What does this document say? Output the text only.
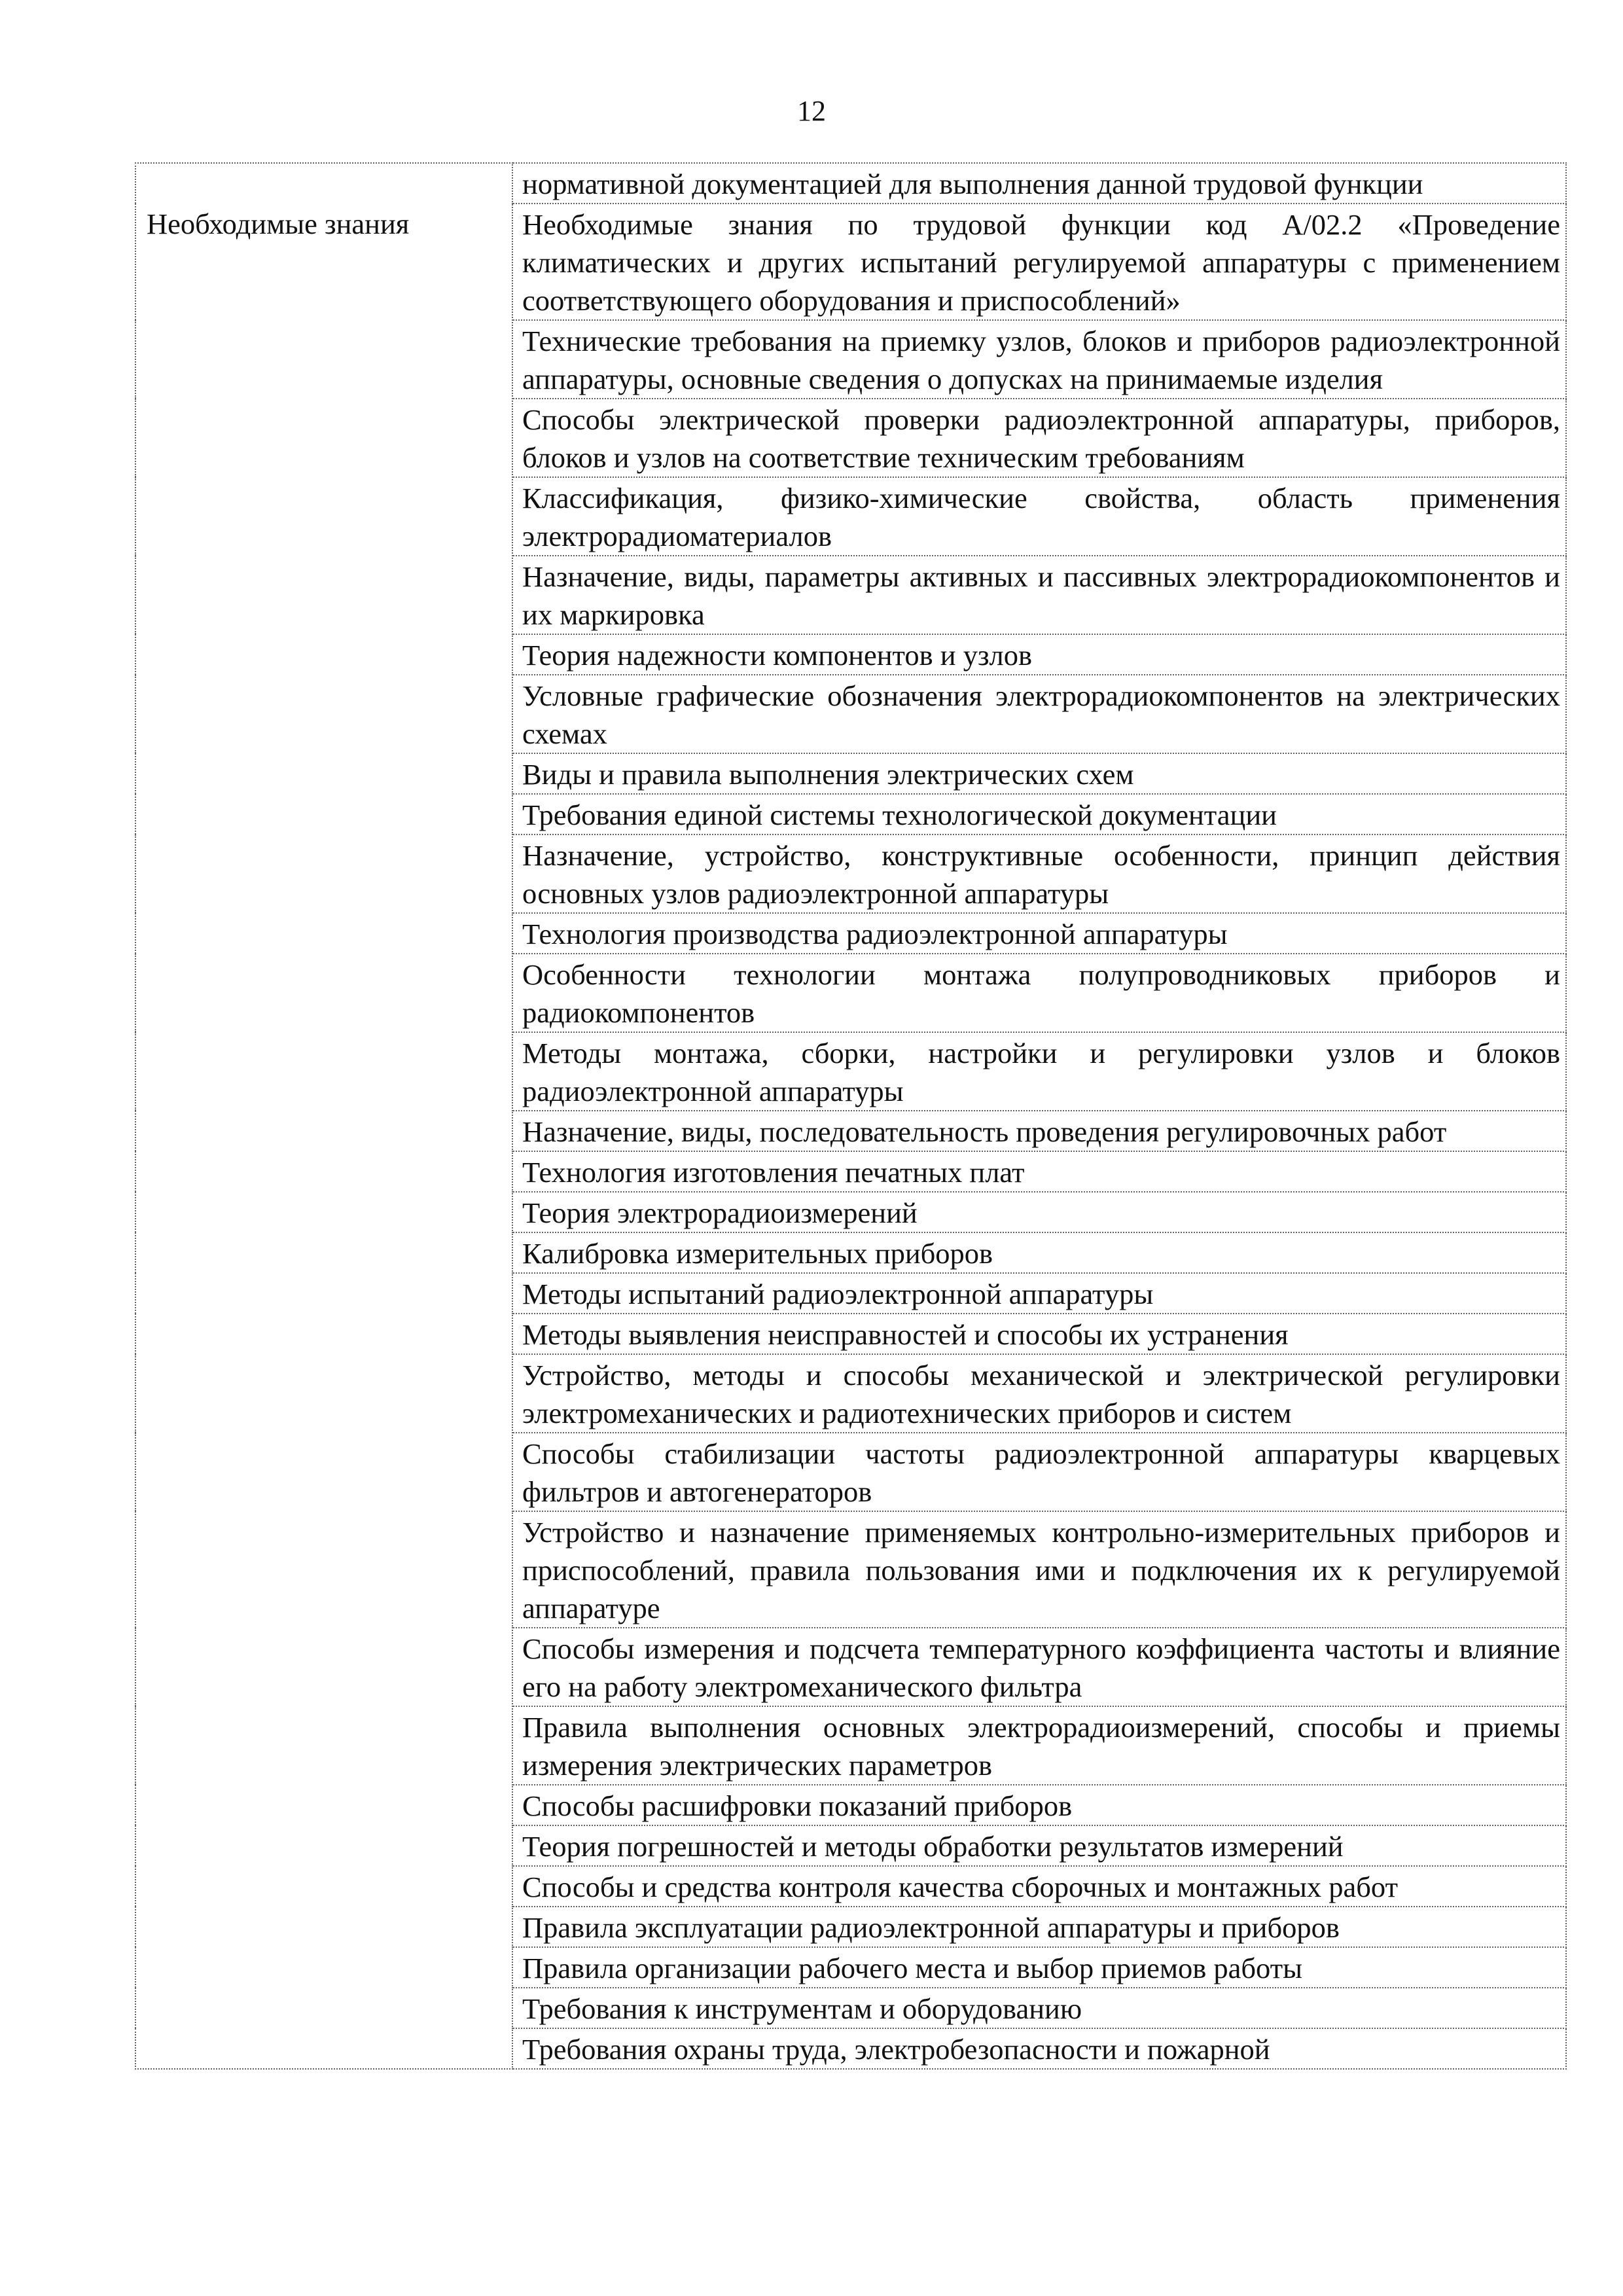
12
	нормативной документацией для выполнения данной трудовой функции
Необходимые знания	Необходимые знания по трудовой функции код А/02.2 «Проведение климатических и других испытаний регулируемой аппаратуры с применением соответствующего оборудования и приспособлений»
	Технические требования на приемку узлов, блоков и приборов радиоэлектронной аппаратуры, основные сведения о допусках на принимаемые изделия
	Способы электрической проверки радиоэлектронной аппаратуры, приборов, блоков и узлов на соответствие техническим требованиям
	Классификация, физико-химические свойства, область применения электрорадиоматериалов
	Назначение, виды, параметры активных и пассивных электрорадиокомпонентов и их маркировка
	Теория надежности компонентов и узлов
	Условные графические обозначения электрорадиокомпонентов на электрических схемах
	Виды и правила выполнения электрических схем
	Требования единой системы технологической документации
	Назначение, устройство, конструктивные особенности, принцип действия основных узлов радиоэлектронной аппаратуры
	Технология производства радиоэлектронной аппаратуры
	Особенности технологии монтажа полупроводниковых приборов и радиокомпонентов
	Методы монтажа, сборки, настройки и регулировки узлов и блоков радиоэлектронной аппаратуры
	Назначение, виды, последовательность проведения регулировочных работ
	Технология изготовления печатных плат
	Теория электрорадиоизмерений
	Калибровка измерительных приборов
	Методы испытаний радиоэлектронной аппаратуры
	Методы выявления неисправностей и способы их устранения
	Устройство, методы и способы механической и электрической регулировки электромеханических и радиотехнических приборов и систем
	Способы стабилизации частоты радиоэлектронной аппаратуры кварцевых фильтров и автогенераторов
	Устройство и назначение применяемых контрольно-измерительных приборов и приспособлений, правила пользования ими и подключения их к регулируемой аппаратуре
	Способы измерения и подсчета температурного коэффициента частоты и влияние его на работу электромеханического фильтра
	Правила выполнения основных электрорадиоизмерений, способы и приемы измерения электрических параметров
	Способы расшифровки показаний приборов
	Теория погрешностей и методы обработки результатов измерений
	Способы и средства контроля качества сборочных и монтажных работ
	Правила эксплуатации радиоэлектронной аппаратуры и приборов
	Правила организации рабочего места и выбор приемов работы
	Требования к инструментам и оборудованию
	Требования охраны труда, электробезопасности и пожарной
